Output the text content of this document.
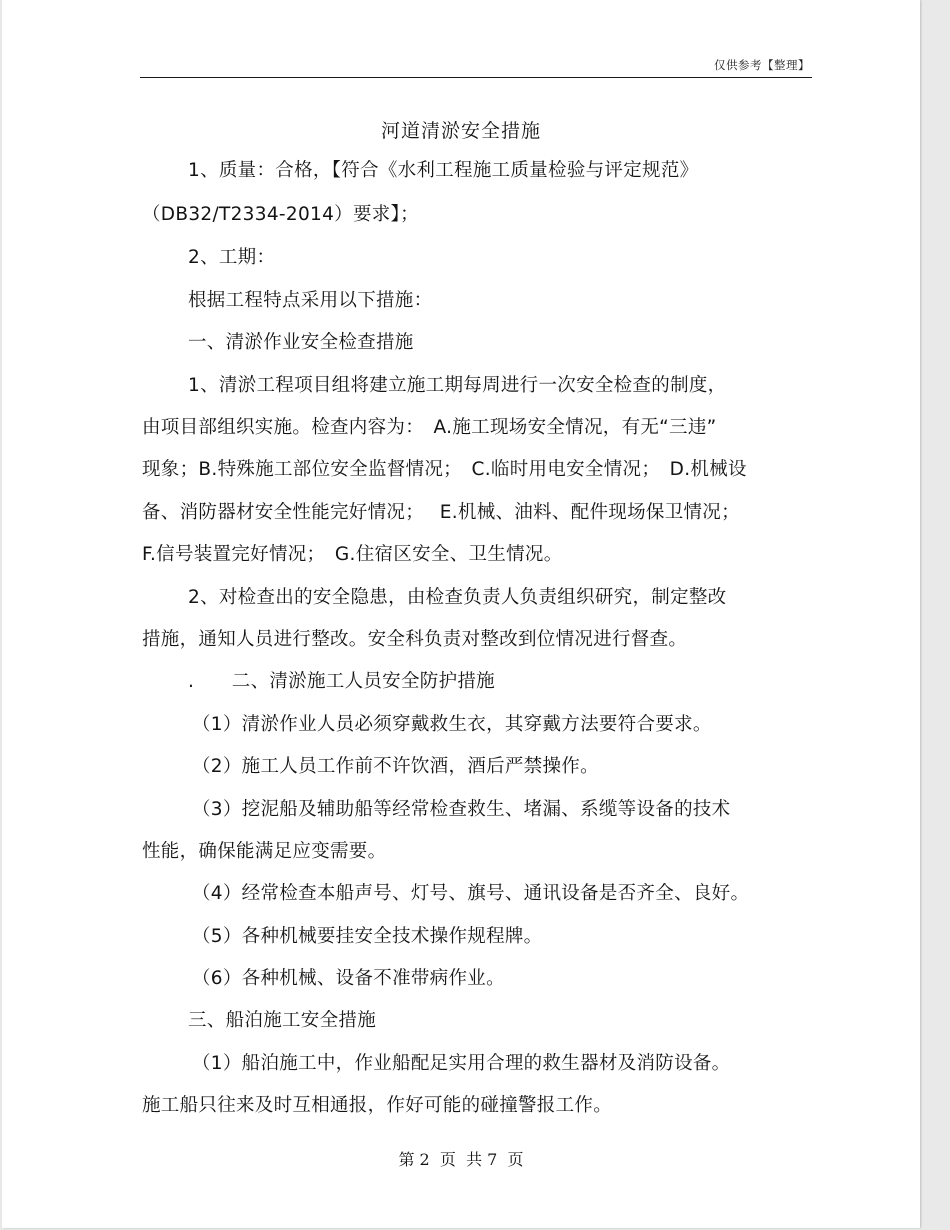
仅供参考【整理】
河道清淤安全措施
1、质量：合格，【符合《水利工程施工质量检验与评定规范》
（DB32/T2334-2014）要求】；
2、工期：
根据工程特点采用以下措施：
一、清淤作业安全检查措施
1、清淤工程项目组将建立施工期每周进行一次安全检查的制度，
由项目部组织实施。检查内容为：　A.施工现场安全情况，有无“三违”
现象；B.特殊施工部位安全监督情况；　C.临时用电安全情况；　D.机械设
备、消防器材安全性能完好情况；　 E.机械、油料、配件现场保卫情况；
F.信号装置完好情况；　G.住宿区安全、卫生情况。
2、对检查出的安全隐患，由检查负责人负责组织研究，制定整改
措施，通知人员进行整改。安全科负责对整改到位情况进行督查。
.　　二、清淤施工人员安全防护措施
（1）清淤作业人员必须穿戴救生衣，其穿戴方法要符合要求。
（2）施工人员工作前不许饮酒，酒后严禁操作。
（3）挖泥船及辅助船等经常检查救生、堵漏、系缆等设备的技术
性能，确保能满足应变需要。
（4）经常检查本船声号、灯号、旗号、通讯设备是否齐全、良好。
（5）各种机械要挂安全技术操作规程牌。
（6）各种机械、设备不准带病作业。
三、船泊施工安全措施
（1）船泊施工中，作业船配足实用合理的救生器材及消防设备。
施工船只往来及时互相通报，作好可能的碰撞警报工作。
第 2  页  共 7  页
